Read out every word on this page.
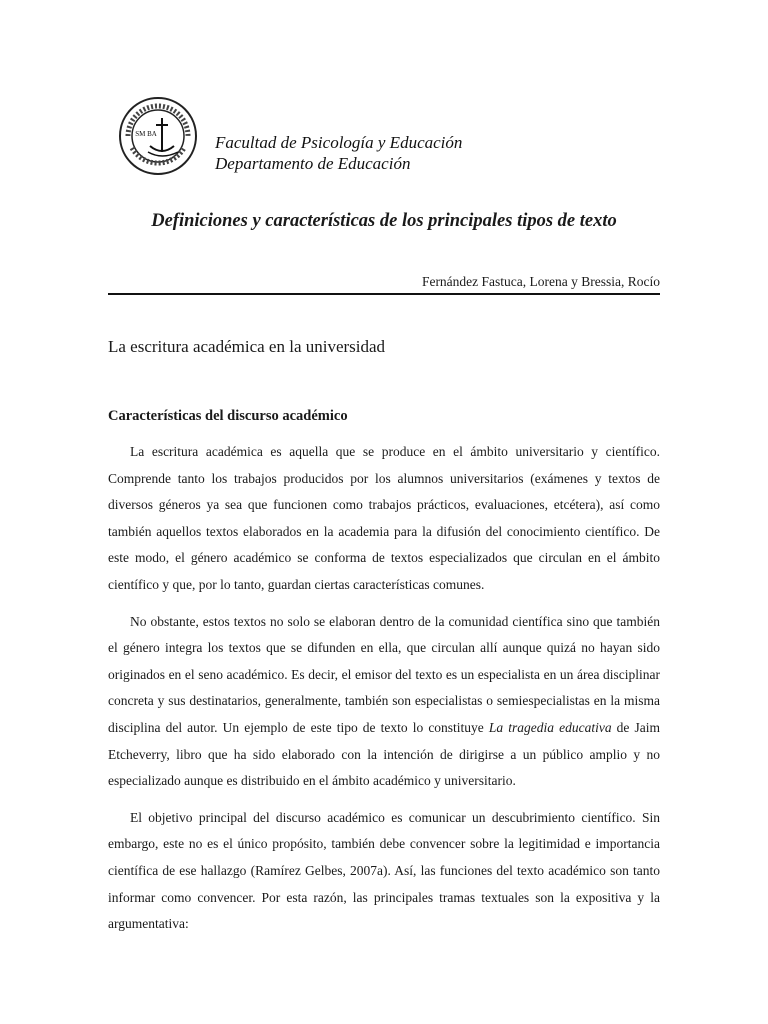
SM BA	Facultad de Psicología y Educación
Departamento de Educación
Definiciones y características de los principales tipos de texto
Fernández Fastuca, Lorena y Bressia, Rocío
La escritura académica en la universidad
Características del discurso académico

La escritura académica es aquella que se produce en el ámbito universitario y científico. Comprende tanto los trabajos producidos por los alumnos universitarios (exámenes y textos de diversos géneros ya sea que funcionen como trabajos prácticos, evaluaciones, etcétera), así como también aquellos textos elaborados en la academia para la difusión del conocimiento científico. De este modo, el género académico se conforma de textos especializados que circulan en el ámbito científico y que, por lo tanto, guardan ciertas características comunes.

No obstante, estos textos no solo se elaboran dentro de la comunidad científica sino que también el género integra los textos que se difunden en ella, que circulan allí aunque quizá no hayan sido originados en el seno académico. Es decir, el emisor del texto es un especialista en un área disciplinar concreta y sus destinatarios, generalmente, también son especialistas o semiespecialistas en la misma disciplina del autor. Un ejemplo de este tipo de texto lo constituye La tragedia educativa de Jaim Etcheverry, libro que ha sido elaborado con la intención de dirigirse a un público amplio y no especializado aunque es distribuido en el ámbito académico y universitario.

El objetivo principal del discurso académico es comunicar un descubrimiento científico. Sin embargo, este no es el único propósito, también debe convencer sobre la legitimidad e importancia científica de ese hallazgo (Ramírez Gelbes, 2007a). Así, las funciones del texto académico son tanto informar como convencer. Por esta razón, las principales tramas textuales son la expositiva y la argumentativa:
